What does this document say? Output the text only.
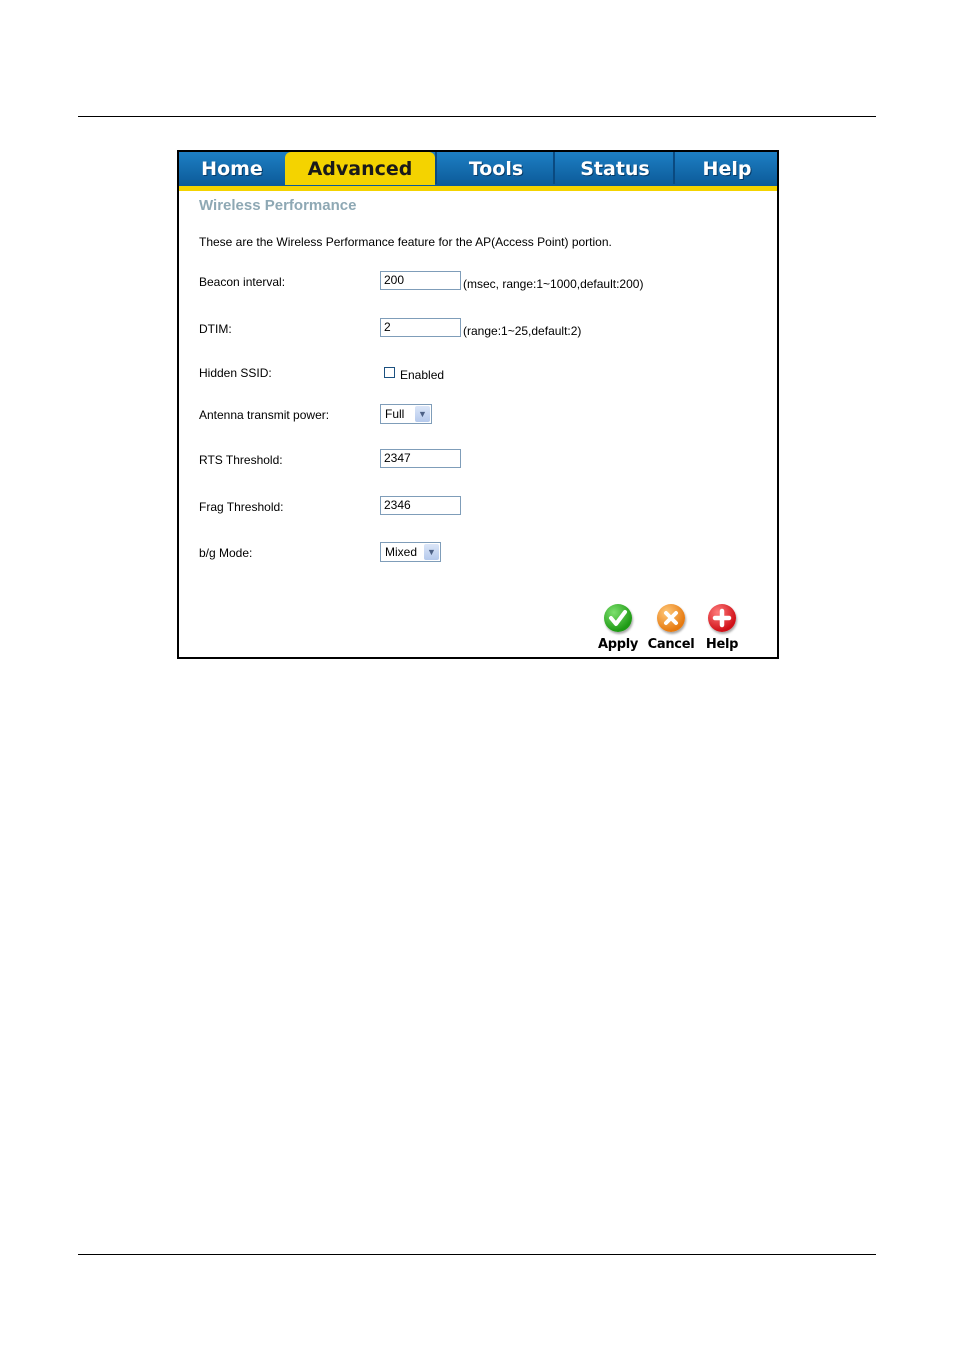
Home	Advanced	Tools	Status	Help
Wireless Performance
These are the Wireless Performance feature for the AP(Access Point) portion.
Beacon interval:	200	(msec, range:1~1000,default:200)
DTIM:	2	(range:1~25,default:2)
Hidden SSID:	Enabled
Antenna transmit power:	Full	▼
RTS Threshold:	2347
Frag Threshold:	2346
b/g Mode:	Mixed	▼
Apply Cancel Help
